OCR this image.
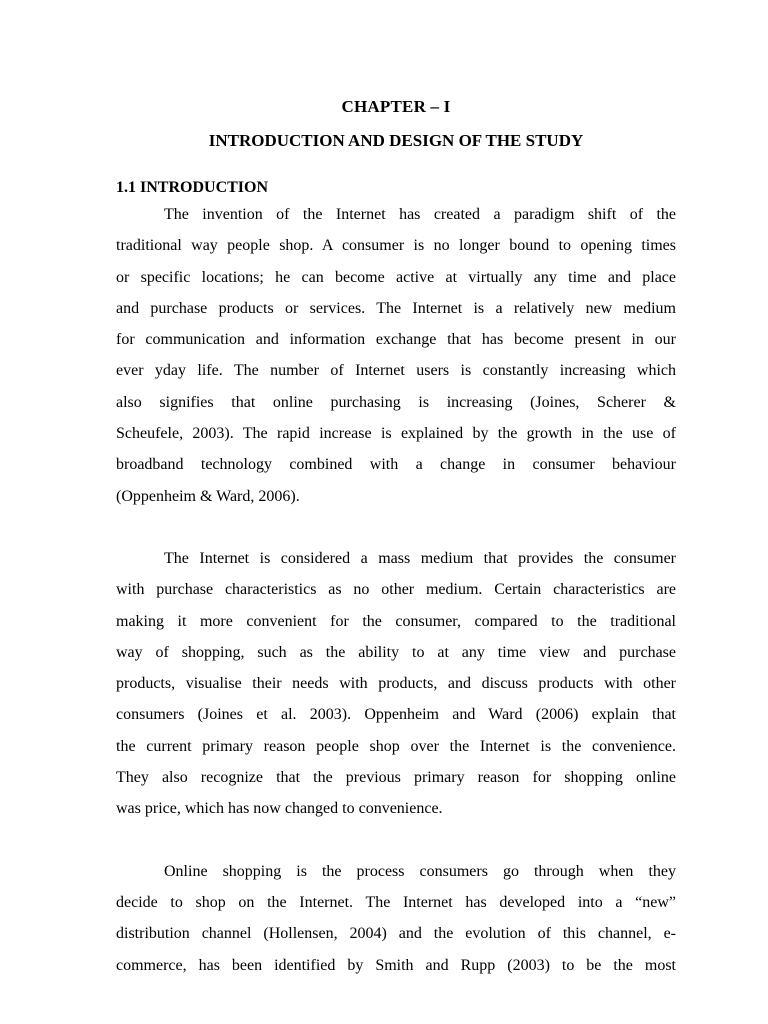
CHAPTER – I
INTRODUCTION AND DESIGN OF THE STUDY
1.1 INTRODUCTION
The invention of the Internet has created a paradigm shift of the
traditional way people shop. A consumer is no longer bound to opening times
or specific locations; he can become active at virtually any time and place
and purchase products or services. The Internet is a relatively new medium
for communication and information exchange that has become present in our
ever yday life. The number of Internet users is constantly increasing which
also signifies that online purchasing is increasing (Joines, Scherer &
Scheufele, 2003). The rapid increase is explained by the growth in the use of
broadband technology combined with a change in consumer behaviour
(Oppenheim & Ward, 2006).
The Internet is considered a mass medium that provides the consumer
with purchase characteristics as no other medium. Certain characteristics are
making it more convenient for the consumer, compared to the traditional
way of shopping, such as the ability to at any time view and purchase
products, visualise their needs with products, and discuss products with other
consumers (Joines et al. 2003). Oppenheim and Ward (2006) explain that
the current primary reason people shop over the Internet is the convenience.
They also recognize that the previous primary reason for shopping online
was price, which has now changed to convenience.
Online shopping is the process consumers go through when they
decide to shop on the Internet. The Internet has developed into a “new”
distribution channel (Hollensen, 2004) and the evolution of this channel, e-
commerce, has been identified by Smith and Rupp (2003) to be the most
